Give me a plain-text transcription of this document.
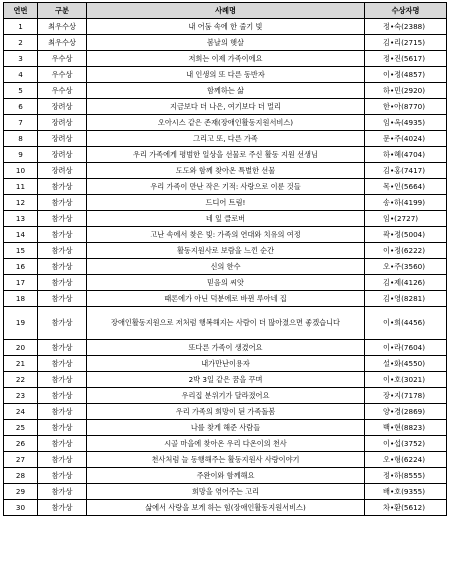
연번	구분	사례명	수상자명
1	최우수상	내 어둠 속에 한 줄기 빛	정•숙(2388)
2	최우수상	봄날의 햇살	김•리(2715)
3	우수상	저희는 이제 가족이에요	정•진(5617)
4	우수상	내 인생의 또 다른 동반자	이•정(4857)
5	우수상	함께하는 삶	하•민(2920)
6	장려상	지금보다 더 나은, 여기보다 더 멀리	한•아(8770)
7	장려상	오아시스 같은 존재(장애인활동지원서비스)	임•옥(4935)
8	장려상	그리고 또, 다른 가족	문•주(4024)
9	장려상	우리 가족에게 평범한 일상을 선물로 주신 활동 지원 선생님	하•혜(4704)
10	장려상	도도와 함께 찾아온 특별한 선물	김•홍(7417)
11	참가상	우리 가족이 만난 작은 기적: 사랑으로 이룬 것들	목•인(5664)
12	참가상	드디어 트림!	송•하(4199)
13	참가상	네 잎 클로버	임•(2727)
14	참가상	고난 속에서 찾은 빛: 가족의 연대와 치유의 여정	곽•정(5004)
15	참가상	활동지원사로 보람을 느낀 순간	이•정(6222)
16	참가상	신의 한수	오•주(3560)
17	참가상	믿음의 씨앗	김•제(4126)
18	참가상	때론에가 아닌 덕분에로 바뀐 루아네 집	김•영(8281)
19	참가상	장애인활동지원으로 저처럼 행복해지는 사람이 더 많아졌으면 좋겠습니다	이•희(4456)
20	참가상	또다른 가족이 생겼어요	이•라(7604)
21	참가상	내가만난이용자	설•화(4550)
22	참가상	2박 3일 같은 꿈을 꾸며	이•호(3021)
23	참가상	우리집 분위기가 달라졌어요	장•지(7178)
24	참가상	우리 가족의 희망이 된 가족돌봄	양•경(2869)
25	참가상	나를 찾게 해준 사람들	백•현(8823)
26	참가상	시골 마을에 찾아온 우리 다온이의 천사	이•섭(3752)
27	참가상	천사처럼 늘 동행해주는 활동지원사 사랑이야기	오•형(6224)
28	참가상	주완이와 함께해요	정•하(8555)
29	참가상	희망을 엮어주는 고리	배•호(9355)
30	참가상	삶에서 사랑을 보게 하는 힘(장애인활동지원서비스)	차•환(5612)
